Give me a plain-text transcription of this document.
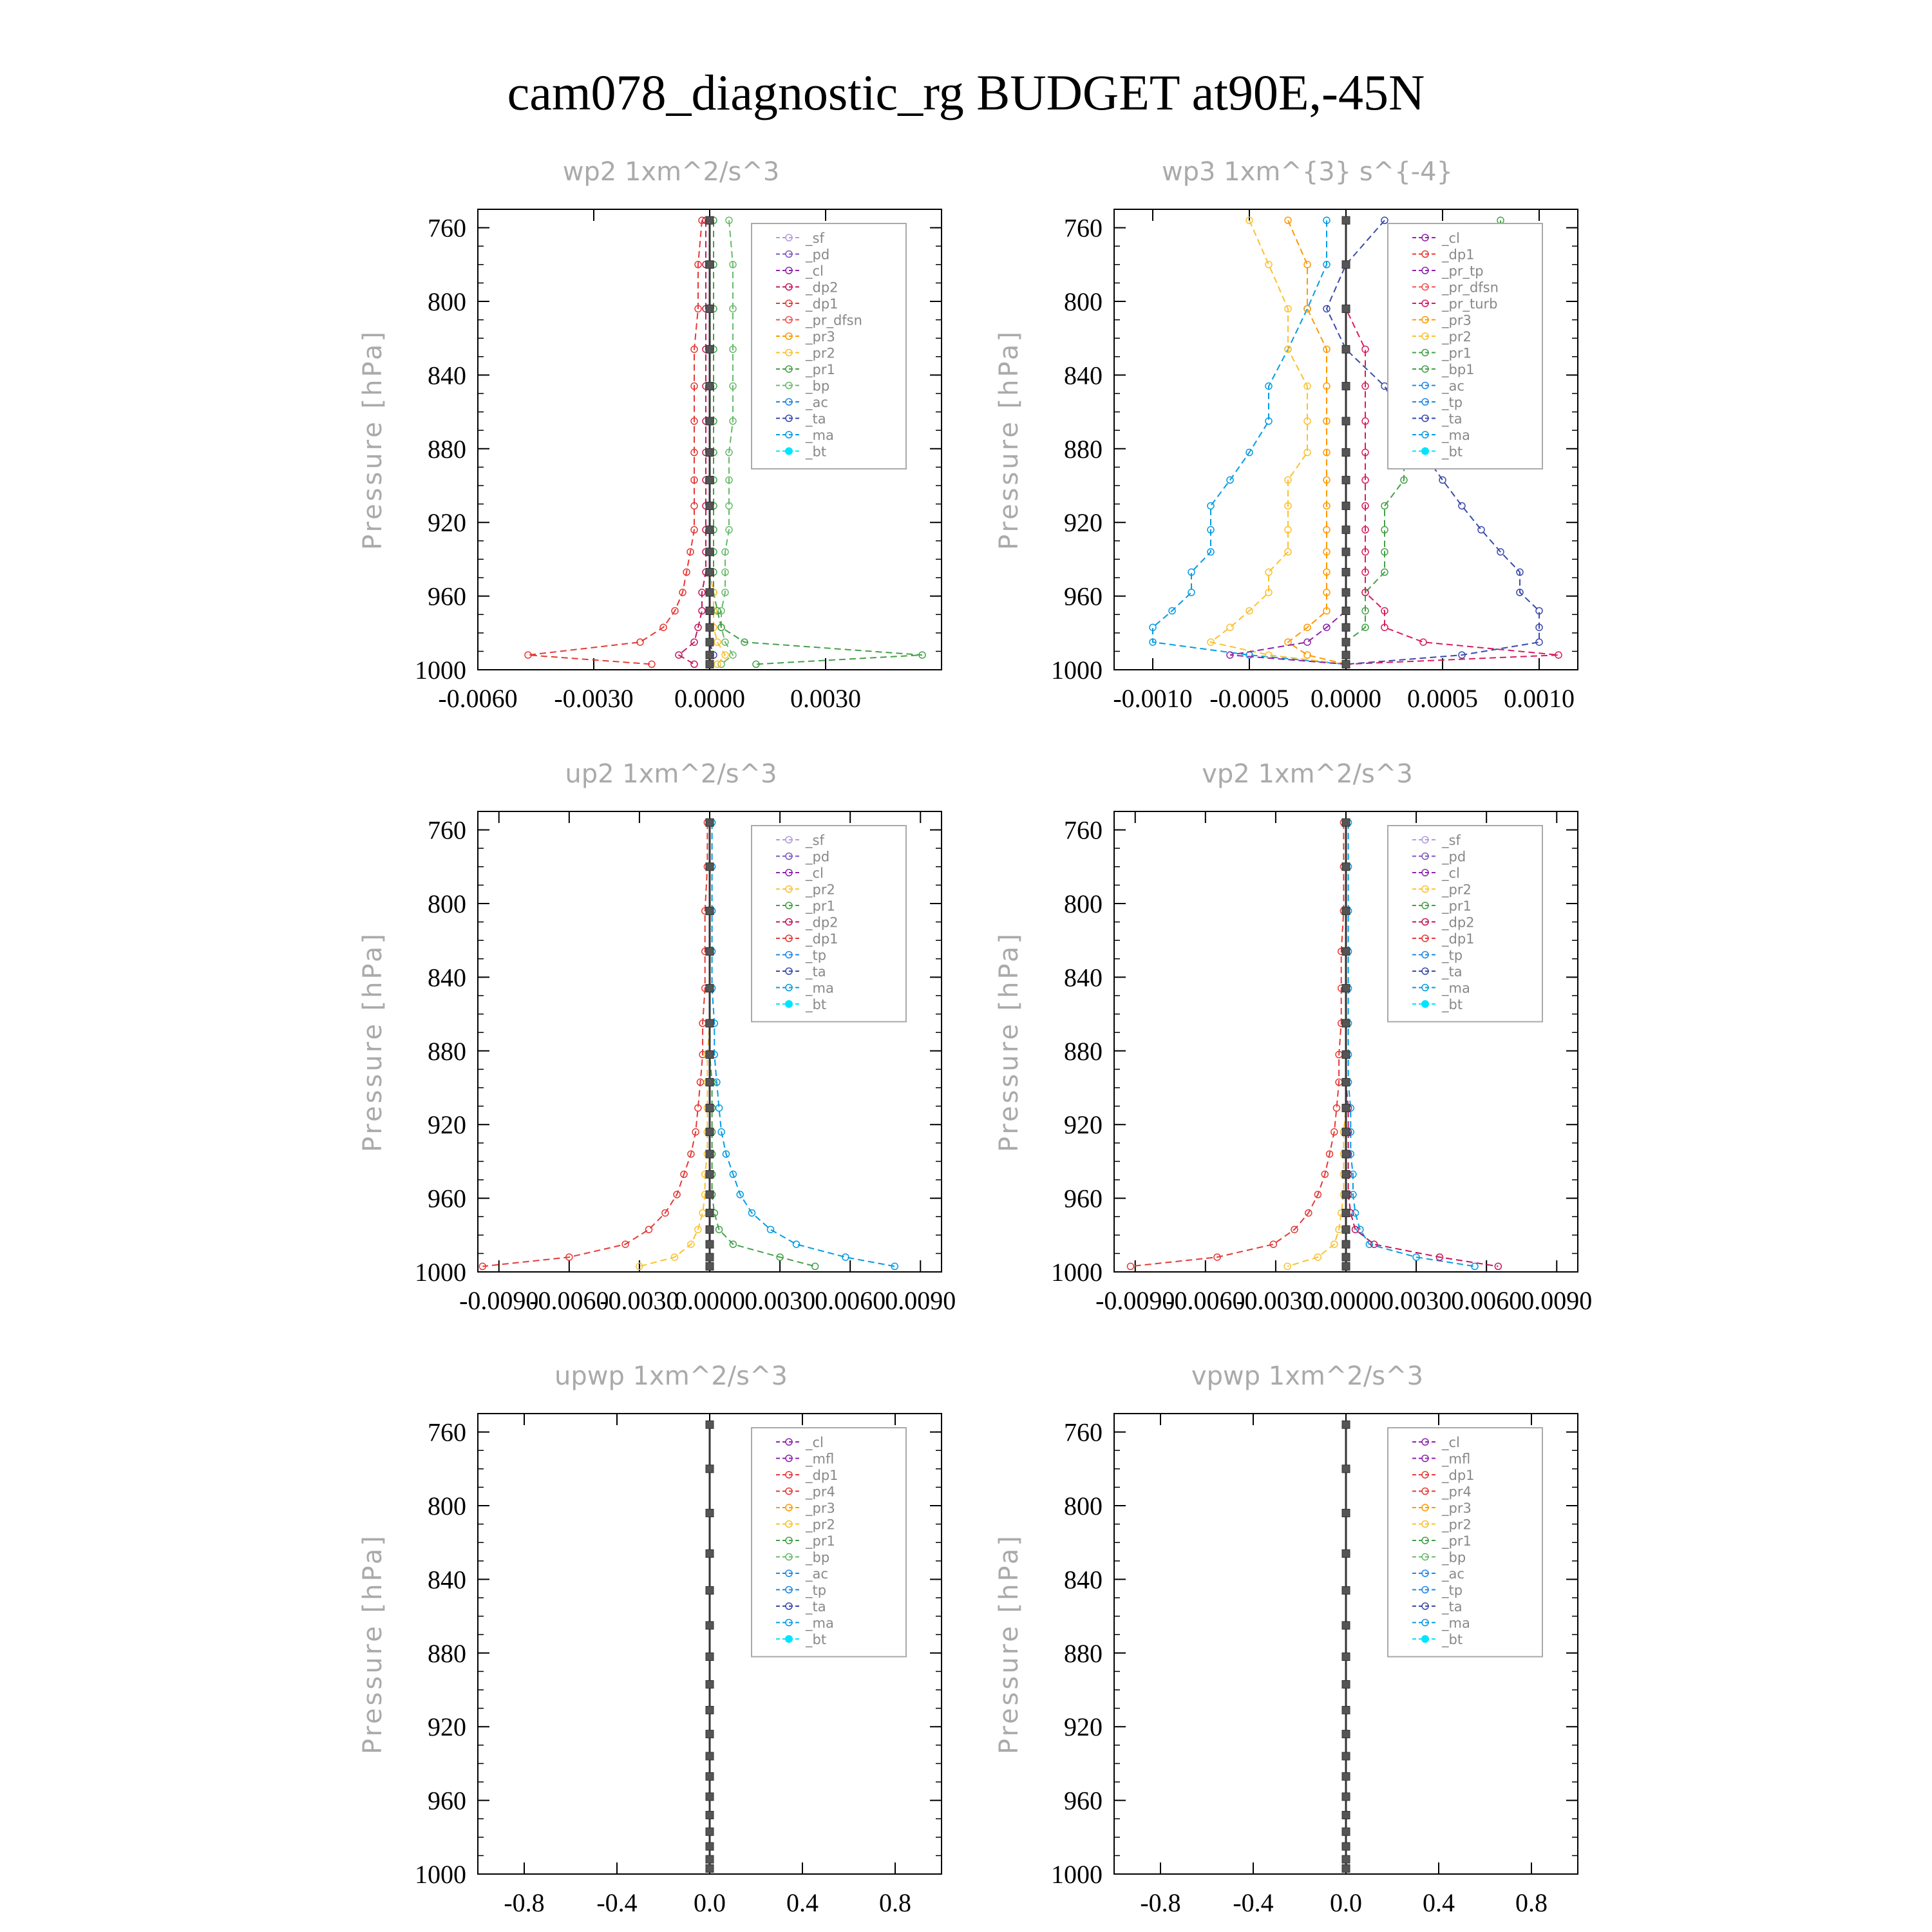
cam078_diagnostic_rg BUDGET at90E,-45N
wp2 1xm^2/s^3
Pressure [hPa]
760
800
840
880
920
960
1000
-0.0060 -0.0030 0.0000 0.0030
_sf
_pd
_cl
_dp2
_dp1
_pr_dfsn
_pr3
_pr2
_pr1
_bp
_ac
_ta
_ma
_bt
wp3 1xm^{3} s^{-4}
Pressure [hPa]
760
800
840
880
920
960
1000
-0.0010 -0.0005 0.0000 0.0005 0.0010
_cl
_dp1
_pr_tp
_pr_dfsn
_pr_turb
_pr3
_pr2
_pr1
_bp1
_ac
_tp
_ta
_ma
_bt
up2 1xm^2/s^3
Pressure [hPa]
760
800
840
880
920
960
1000
-0.0090
-0.0060
-0.0030
0.0000 0.0030 0.0060 0.0090
_sf
_pd
_cl
_pr2
_pr1
_dp2
_dp1
_tp
_ta
_ma
_bt
vp2 1xm^2/s^3
Pressure [hPa]
760
800
840
880
920
960
1000
-0.0090
-0.0060
-0.0030
0.0000 0.0030 0.0060 0.0090
_sf
_pd
_cl
_pr2
_pr1
_dp2
_dp1
_tp
_ta
_ma
_bt
upwp 1xm^2/s^3
Pressure [hPa]
760
800
840
880
920
960
1000
-0.8 -0.4 0.0 0.4 0.8
_cl
_mfl
_dp1
_pr4
_pr3
_pr2
_pr1
_bp
_ac
_tp
_ta
_ma
_bt
vpwp 1xm^2/s^3
Pressure [hPa]
760
800
840
880
920
960
1000
-0.8 -0.4 0.0 0.4 0.8
_cl
_mfl
_dp1
_pr4
_pr3
_pr2
_pr1
_bp
_ac
_tp
_ta
_ma
_bt
